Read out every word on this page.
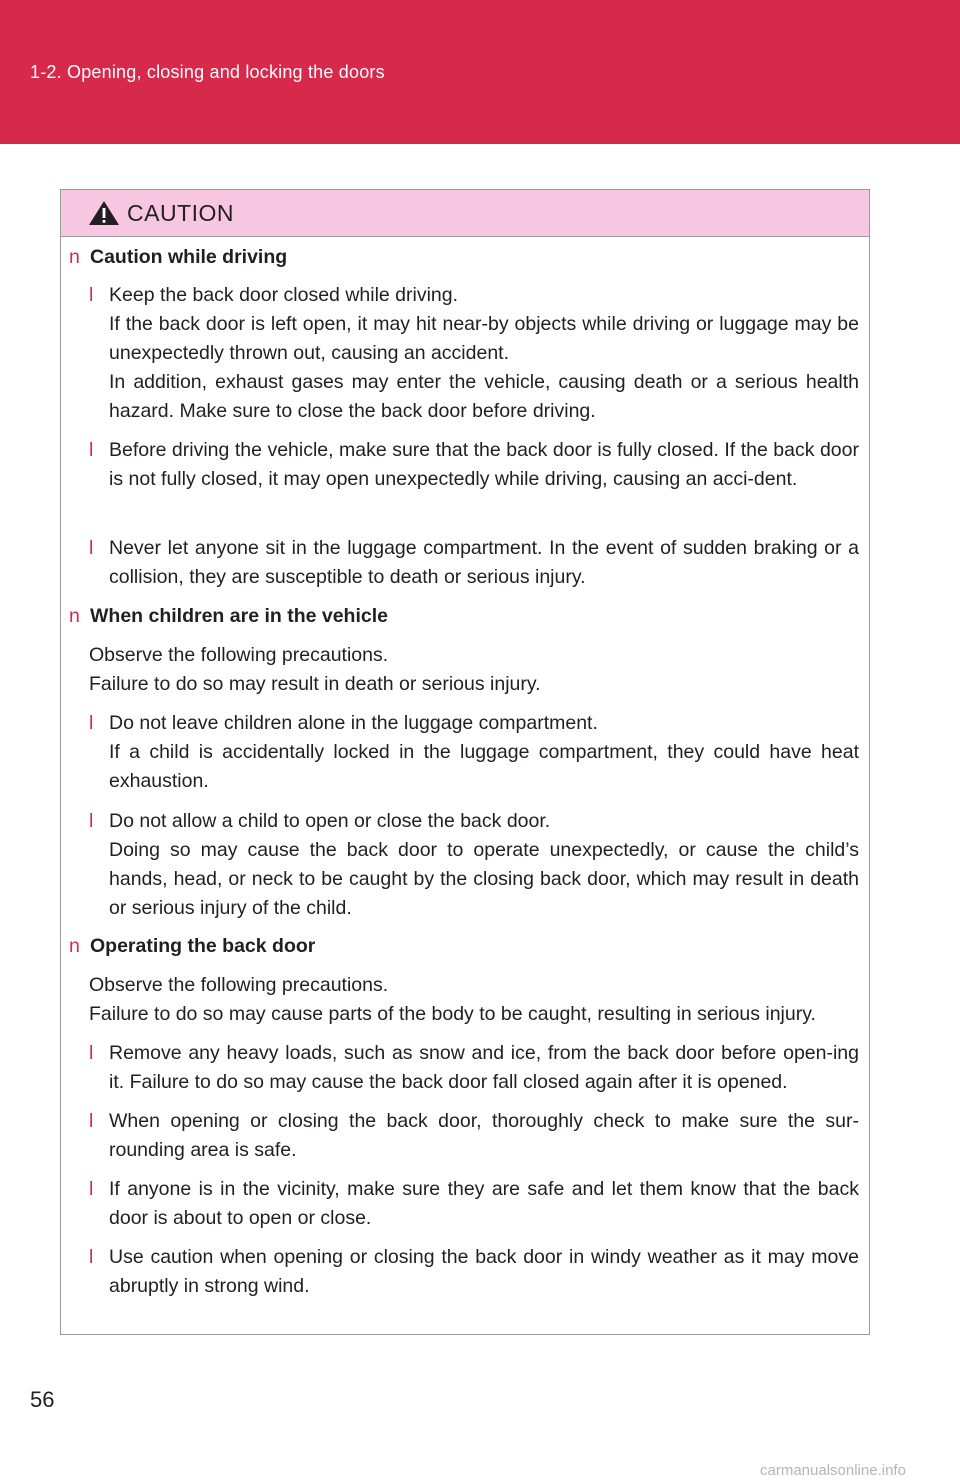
1-2. Opening, closing and locking the doors
CAUTION
n Caution while driving
l Keep the back door closed while driving.
If the back door is left open, it may hit near-by objects while driving or luggage may be unexpectedly thrown out, causing an accident.
In addition, exhaust gases may enter the vehicle, causing death or a serious health hazard. Make sure to close the back door before driving.
l Before driving the vehicle, make sure that the back door is fully closed. If the back door is not fully closed, it may open unexpectedly while driving, causing an acci-dent.
l Never let anyone sit in the luggage compartment. In the event of sudden braking or a collision, they are susceptible to death or serious injury.
n When children are in the vehicle
Observe the following precautions.
Failure to do so may result in death or serious injury.
l Do not leave children alone in the luggage compartment.
If a child is accidentally locked in the luggage compartment, they could have heat exhaustion.
l Do not allow a child to open or close the back door.
Doing so may cause the back door to operate unexpectedly, or cause the child’s hands, head, or neck to be caught by the closing back door, which may result in death or serious injury of the child.
n Operating the back door
Observe the following precautions.
Failure to do so may cause parts of the body to be caught, resulting in serious injury.
l Remove any heavy loads, such as snow and ice, from the back door before open-ing it. Failure to do so may cause the back door fall closed again after it is opened.
l When opening or closing the back door, thoroughly check to make sure the sur-rounding area is safe.
l If anyone is in the vicinity, make sure they are safe and let them know that the back door is about to open or close.
l Use caution when opening or closing the back door in windy weather as it may move abruptly in strong wind.
56
carmanualsonline.info
